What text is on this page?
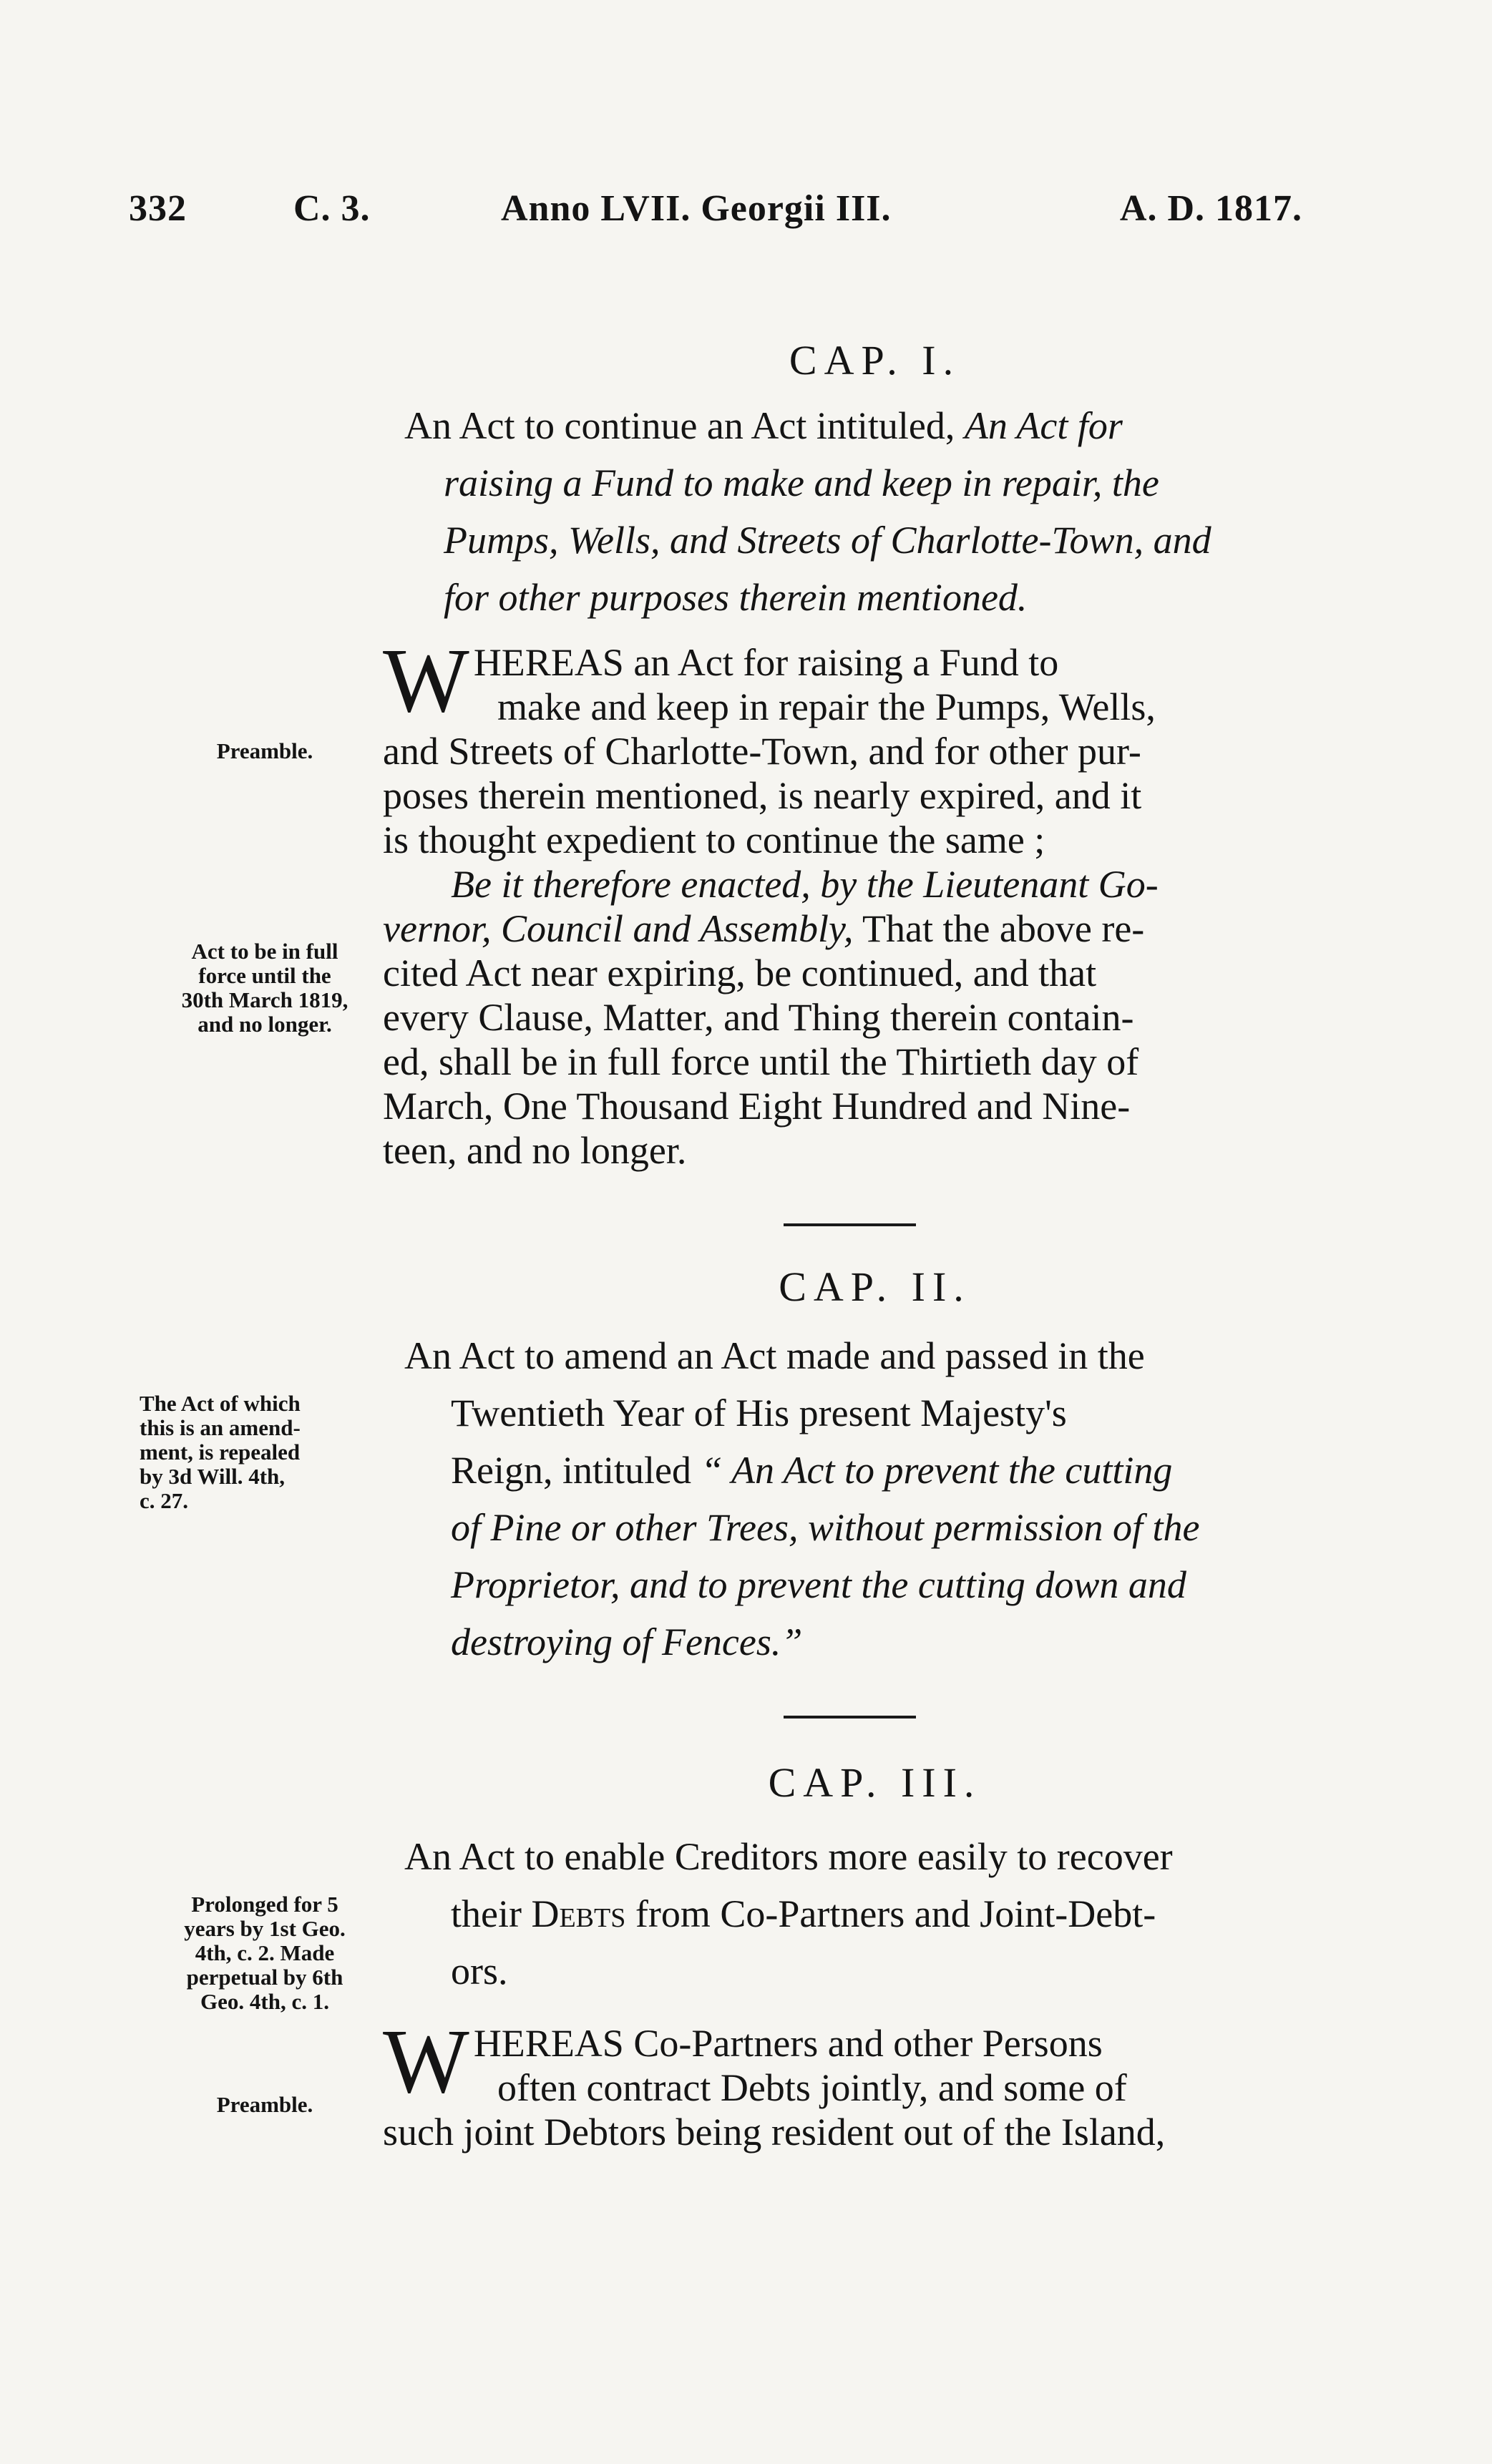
332	C. 3.	Anno LVII. Georgii III.	A. D. 1817.
CAP. I.
An Act to continue an Act intituled, An Act for
raising a Fund to make and keep in repair, the
Pumps, Wells, and Streets of Charlotte-Town, and
for other purposes therein mentioned.
Preamble.
W HEREAS an Act for raising a Fund to
make and keep in repair the Pumps, Wells,
and Streets of Charlotte-Town, and for other pur-
poses therein mentioned, is nearly expired, and it
is thought expedient to continue the same ;
Be it therefore enacted, by the Lieutenant Go-
vernor, Council and Assembly, That the above re-
cited Act near expiring, be continued, and that
every Clause, Matter, and Thing therein contain-
ed, shall be in full force until the Thirtieth day of
March, One Thousand Eight Hundred and Nine-
teen, and no longer.
Act to be in full
force until the
30th March 1819,
and no longer.
CAP. II.
An Act to amend an Act made and passed in the
Twentieth Year of His present Majesty's
Reign, intituled “ An Act to prevent the cutting
of Pine or other Trees, without permission of the
Proprietor, and to prevent the cutting down and
destroying of Fences.”
The Act of which
this is an amend-
ment, is repealed
by 3d Will. 4th,
c. 27.
CAP. III.
An Act to enable Creditors more easily to recover
their Debts from Co-Partners and Joint-Debt-
ors.
Prolonged for 5
years by 1st Geo.
4th, c. 2. Made
perpetual by 6th
Geo. 4th, c. 1.
W HEREAS Co-Partners and other Persons
often contract Debts jointly, and some of
such joint Debtors being resident out of the Island,
Preamble.
